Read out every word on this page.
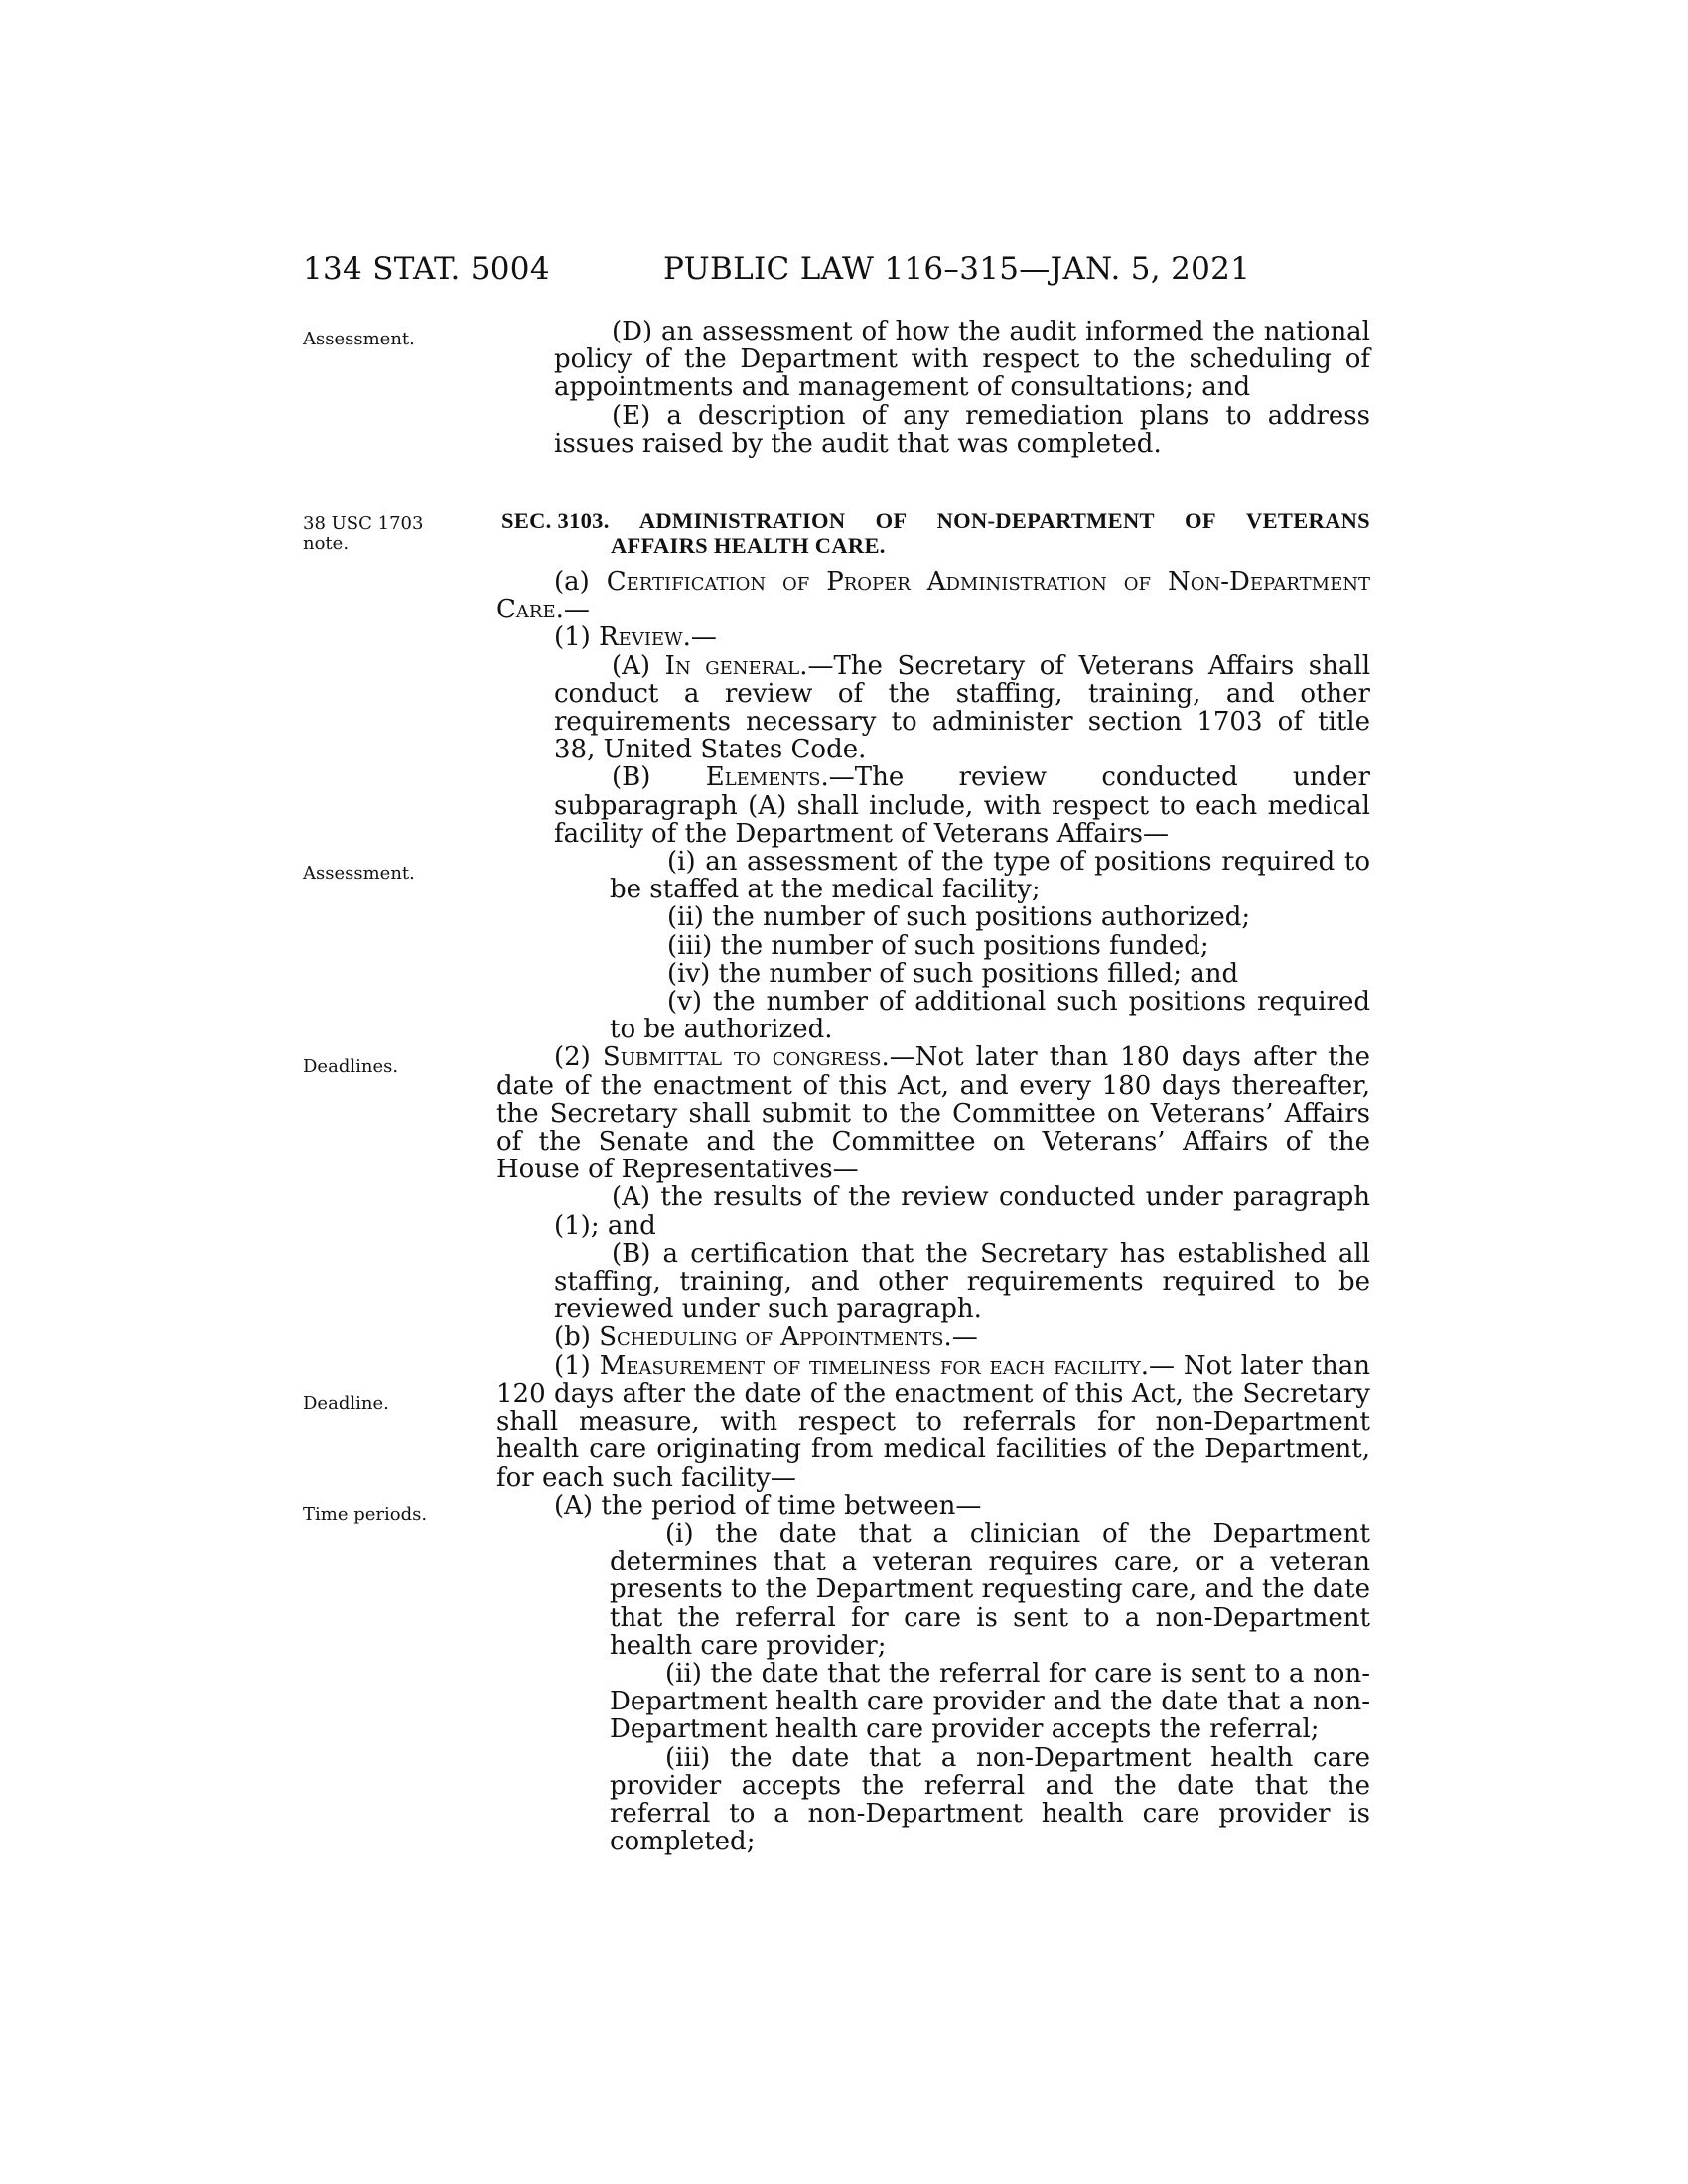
134 STAT. 5004	PUBLIC LAW 116–315—JAN. 5, 2021
Assessment.
38 USC 1703
note.
Assessment.
Deadlines.
Deadline.
Time periods.

(D) an assessment of how the audit informed the national policy of the Department with respect to the scheduling of appointments and management of consultations; and

(E) a description of any remediation plans to address issues raised by the audit that was completed.

SEC. 3103. ADMINISTRATION OF NON-DEPARTMENT OF VETERANS
AFFAIRS HEALTH CARE.

(a) Certification of Proper Administration of Non-Department Care.—

(1) Review.—

(A) In general.—The Secretary of Veterans Affairs shall conduct a review of the staffing, training, and other requirements necessary to administer section 1703 of title 38, United States Code.

(B) Elements.—The review conducted under subparagraph (A) shall include, with respect to each medical facility of the Department of Veterans Affairs—

(i) an assessment of the type of positions required to be staffed at the medical facility;

(ii) the number of such positions authorized;

(iii) the number of such positions funded;

(iv) the number of such positions filled; and

(v) the number of additional such positions required to be authorized.

(2) Submittal to congress.—Not later than 180 days after the date of the enactment of this Act, and every 180 days thereafter, the Secretary shall submit to the Committee on Veterans’ Affairs of the Senate and the Committee on Veterans’ Affairs of the House of Representatives—

(A) the results of the review conducted under paragraph (1); and

(B) a certification that the Secretary has established all staffing, training, and other requirements required to be reviewed under such paragraph.

(b) Scheduling of Appointments.—

(1) Measurement of timeliness for each facility.— Not later than 120 days after the date of the enactment of this Act, the Secretary shall measure, with respect to referrals for non-Department health care originating from medical facilities of the Department, for each such facility—

(A) the period of time between—

(i) the date that a clinician of the Department determines that a veteran requires care, or a veteran presents to the Department requesting care, and the date that the referral for care is sent to a non-Department health care provider;

(ii) the date that the referral for care is sent to a non-Department health care provider and the date that a non-Department health care provider accepts the referral;

(iii) the date that a non-Department health care provider accepts the referral and the date that the referral to a non-Department health care provider is completed;
